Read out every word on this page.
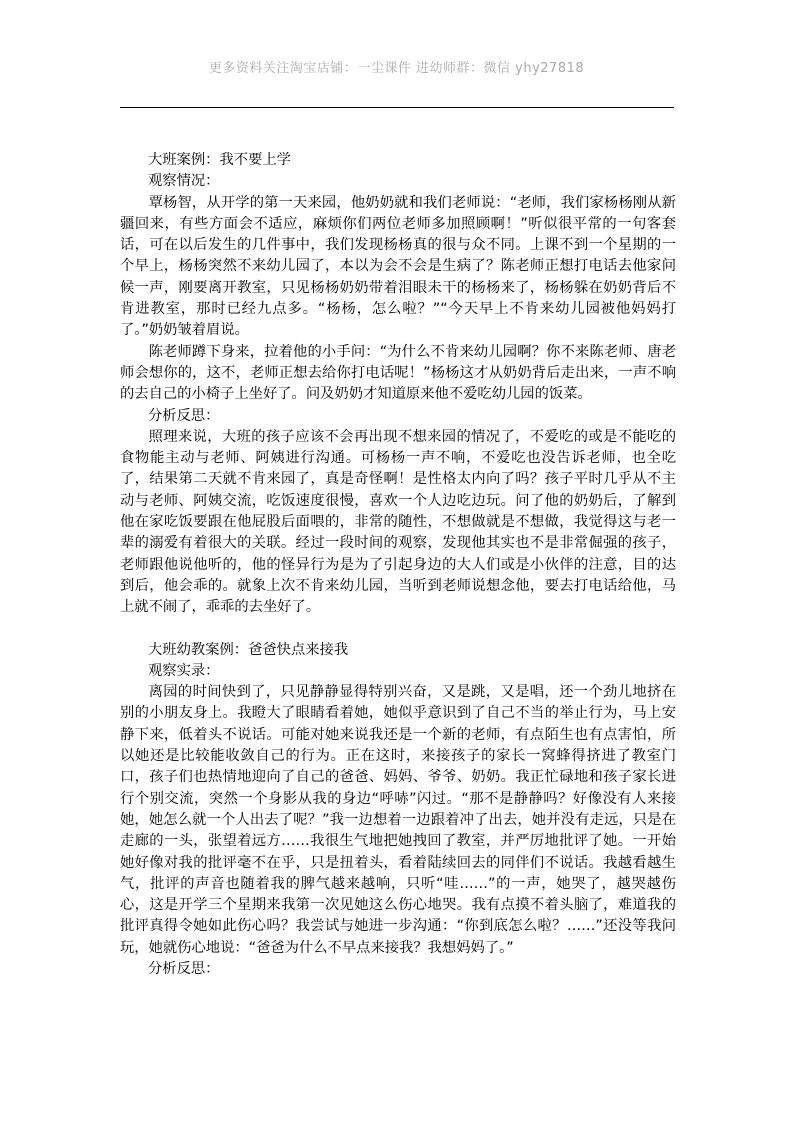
更多资料关注淘宝店铺：一尘课件 进幼师群：微信 yhy27818

大班案例：我不要上学

观察情况：

覃杨智，从开学的第一天来园，他奶奶就和我们老师说：“老师，我们家杨杨刚从新疆回来，有些方面会不适应，麻烦你们两位老师多加照顾啊！”听似很平常的一句客套话，可在以后发生的几件事中，我们发现杨杨真的很与众不同。上课不到一个星期的一个早上，杨杨突然不来幼儿园了，本以为会不会是生病了？陈老师正想打电话去他家问候一声，刚要离开教室，只见杨杨奶奶带着泪眼未干的杨杨来了，杨杨躲在奶奶背后不肯进教室，那时已经九点多。“杨杨，怎么啦？”“今天早上不肯来幼儿园被他妈妈打了。”奶奶皱着眉说。

陈老师蹲下身来，拉着他的小手问：“为什么不肯来幼儿园啊？你不来陈老师、唐老师会想你的，这不，老师正想去给你打电话呢！”杨杨这才从奶奶背后走出来，一声不响的去自己的小椅子上坐好了。问及奶奶才知道原来他不爱吃幼儿园的饭菜。

分析反思：

照理来说，大班的孩子应该不会再出现不想来园的情况了，不爱吃的或是不能吃的食物能主动与老师、阿姨进行沟通。可杨杨一声不响，不爱吃也没告诉老师，也全吃了，结果第二天就不肯来园了，真是奇怪啊！是性格太内向了吗？孩子平时几乎从不主动与老师、阿姨交流，吃饭速度很慢，喜欢一个人边吃边玩。问了他的奶奶后，了解到他在家吃饭要跟在他屁股后面喂的，非常的随性，不想做就是不想做，我觉得这与老一辈的溺爱有着很大的关联。经过一段时间的观察，发现他其实也不是非常倔强的孩子，老师跟他说他听的，他的怪异行为是为了引起身边的大人们或是小伙伴的注意，目的达到后，他会乖的。就象上次不肯来幼儿园，当听到老师说想念他，要去打电话给他，马上就不闹了，乖乖的去坐好了。

大班幼教案例：爸爸快点来接我

观察实录：

离园的时间快到了，只见静静显得特别兴奋，又是跳，又是唱，还一个劲儿地挤在别的小朋友身上。我瞪大了眼睛看着她，她似乎意识到了自己不当的举止行为，马上安静下来，低着头不说话。可能对她来说我还是一个新的老师，有点陌生也有点害怕，所以她还是比较能收敛自己的行为。正在这时，来接孩子的家长一窝蜂得挤进了教室门口，孩子们也热情地迎向了自己的爸爸、妈妈、爷爷、奶奶。我正忙碌地和孩子家长进行个别交流，突然一个身影从我的身边“呼哧”闪过。“那不是静静吗？好像没有人来接她，她怎么就一个人出去了呢？”我一边想着一边跟着冲了出去，她并没有走远，只是在走廊的一头，张望着远方……我很生气地把她拽回了教室，并严厉地批评了她。一开始她好像对我的批评毫不在乎，只是扭着头，看着陆续回去的同伴们不说话。我越看越生气，批评的声音也随着我的脾气越来越响，只听“哇……”的一声，她哭了，越哭越伤心，这是开学三个星期来我第一次见她这么伤心地哭。我有点摸不着头脑了，难道我的批评真得令她如此伤心吗？我尝试与她进一步沟通：“你到底怎么啦？……”还没等我问玩，她就伤心地说：“爸爸为什么不早点来接我？我想妈妈了。”

分析反思：
